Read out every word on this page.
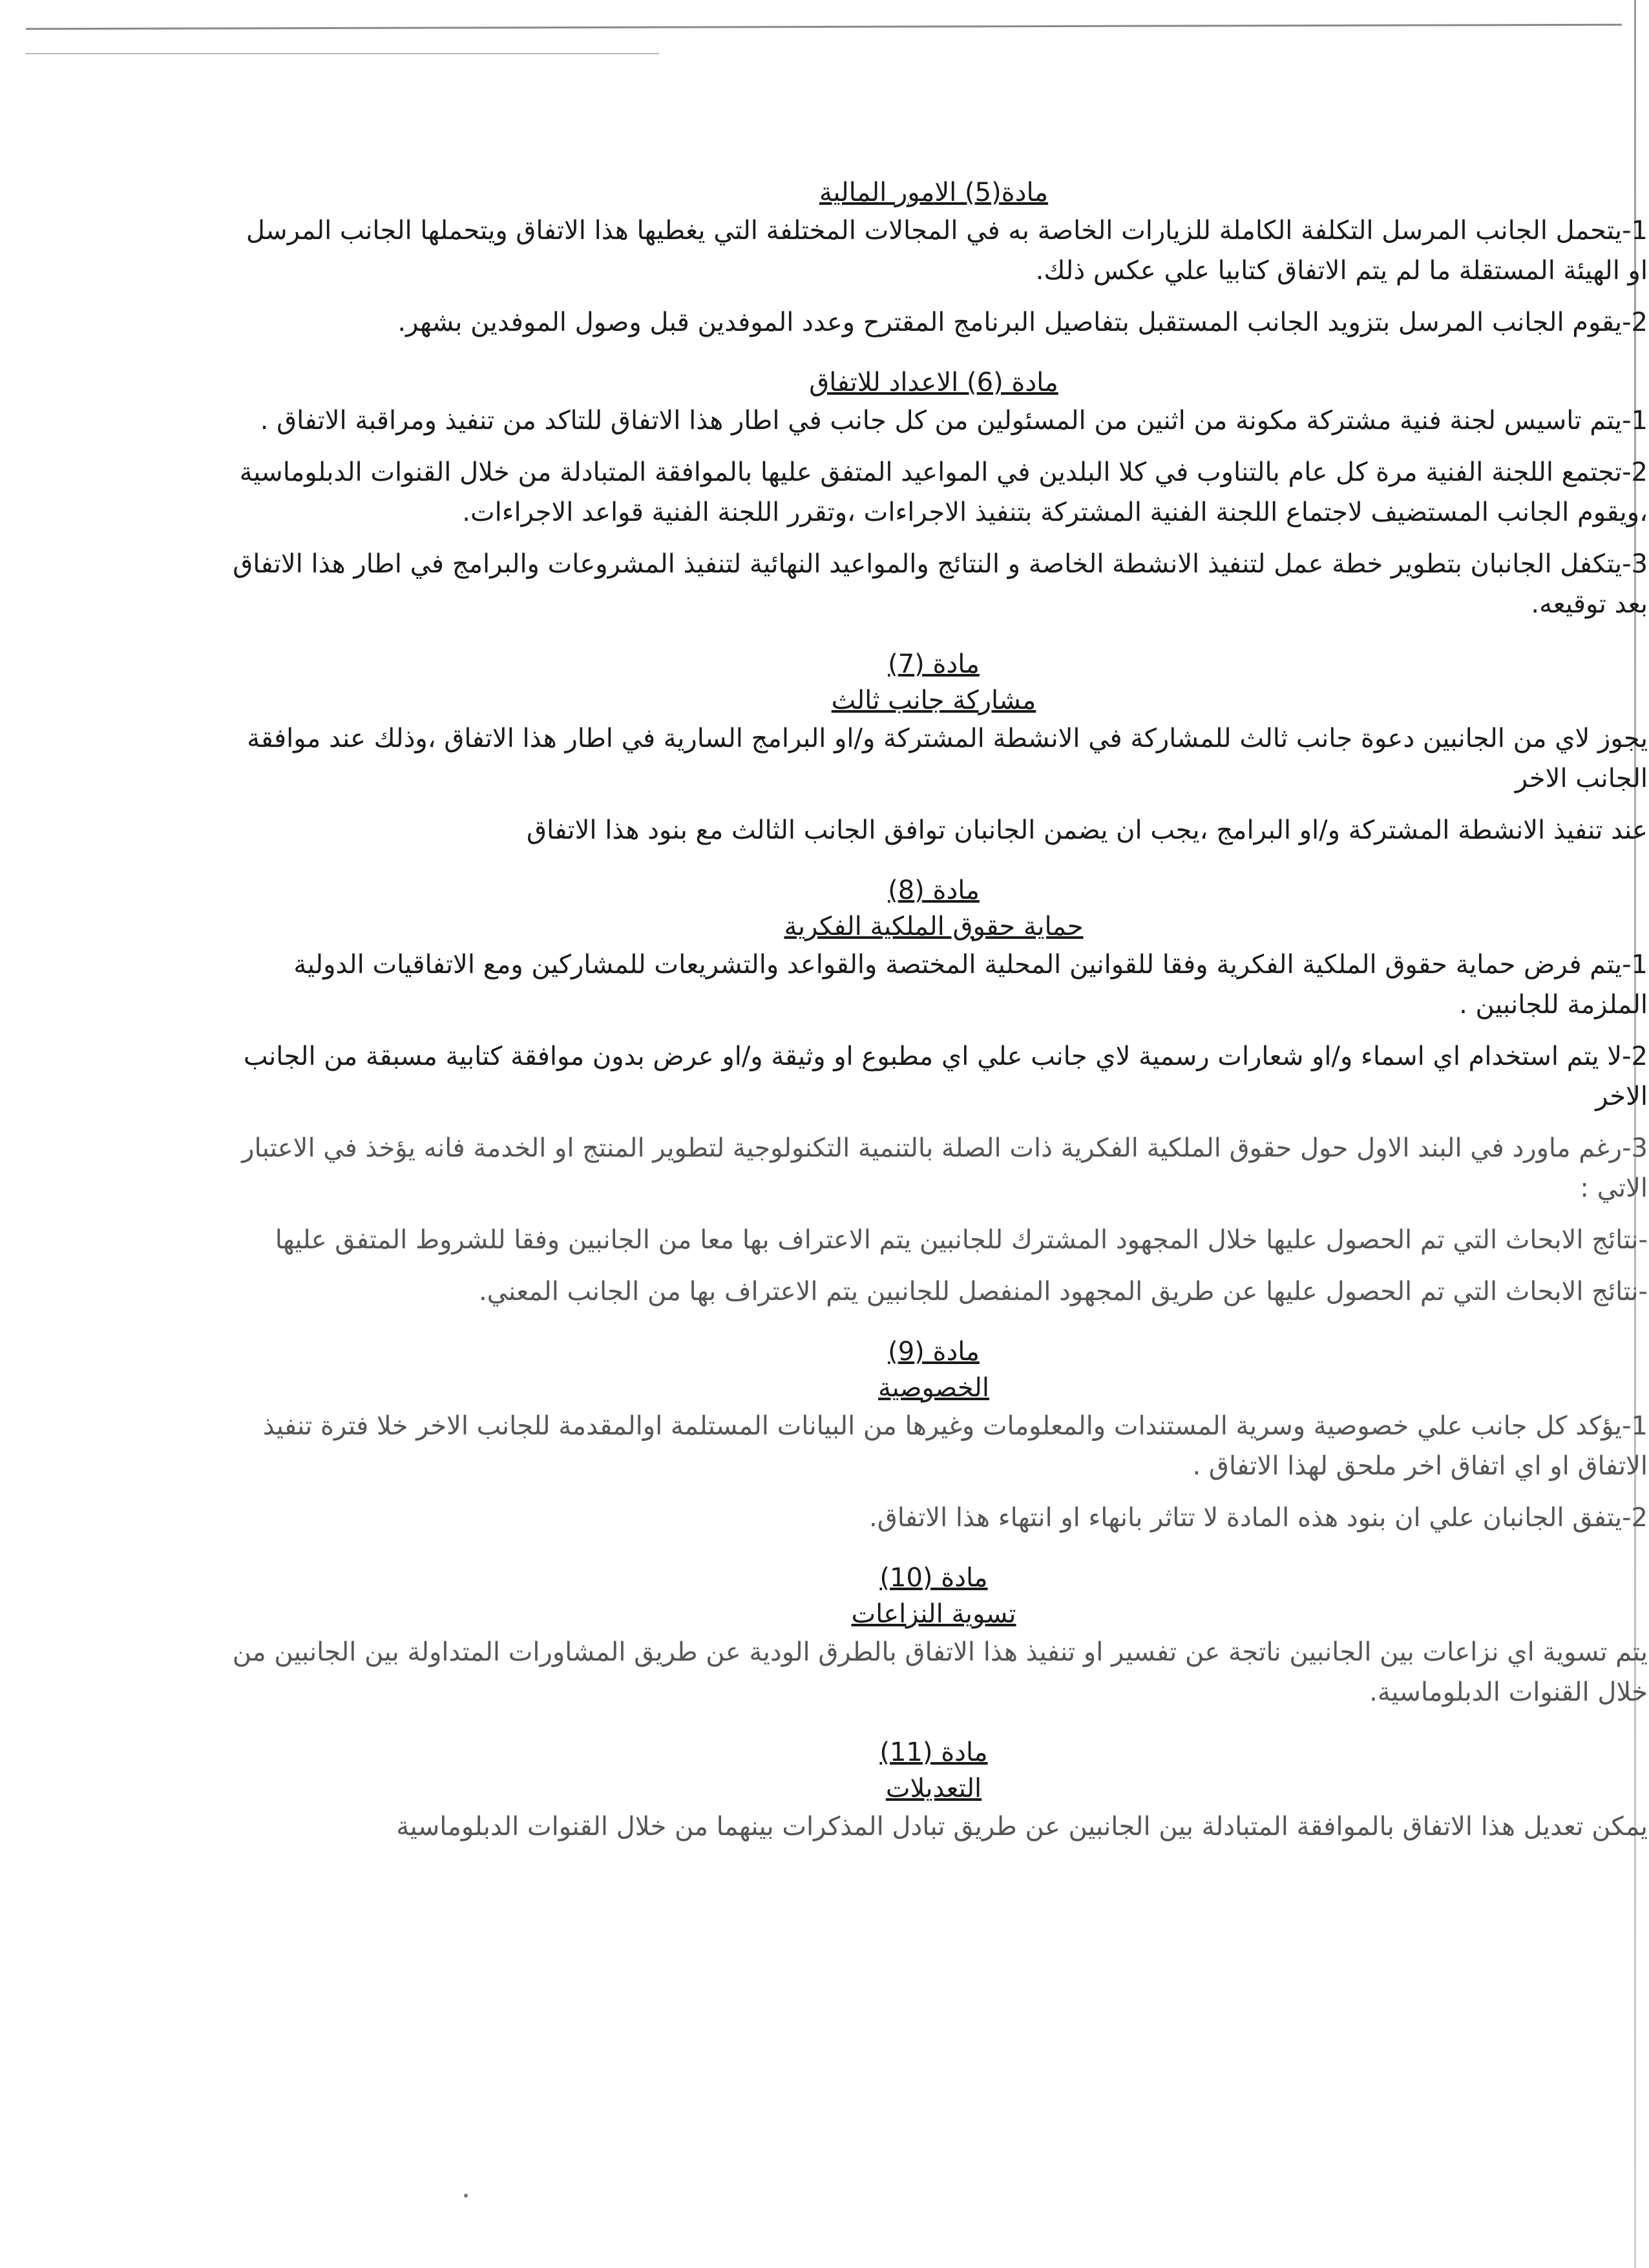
مادة(5) الامور المالية

1-يتحمل الجانب المرسل التكلفة الكاملة للزيارات الخاصة به في المجالات المختلفة التي يغطيها هذا الاتفاق ويتحملها الجانب المرسل او الهيئة المستقلة ما لم يتم الاتفاق كتابيا علي عكس ذلك.

2-يقوم الجانب المرسل بتزويد الجانب المستقبل بتفاصيل البرنامج المقترح وعدد الموفدين قبل وصول الموفدين بشهر.

مادة (6) الاعداد للاتفاق

1-يتم تاسيس لجنة فنية مشتركة مكونة من اثنين من المسئولين من كل جانب في اطار هذا الاتفاق للتاكد من تنفيذ ومراقبة الاتفاق .

2-تجتمع اللجنة الفنية مرة كل عام بالتناوب في كلا البلدين في المواعيد المتفق عليها بالموافقة المتبادلة من خلال القنوات الدبلوماسية ،ويقوم الجانب المستضيف لاجتماع اللجنة الفنية المشتركة بتنفيذ الاجراءات ،وتقرر اللجنة الفنية قواعد الاجراءات.

3-يتكفل الجانبان بتطوير خطة عمل لتنفيذ الانشطة الخاصة و النتائج والمواعيد النهائية لتنفيذ المشروعات والبرامج في اطار هذا الاتفاق بعد توقيعه.

مادة (7)
مشاركة جانب ثالث

يجوز لاي من الجانبين دعوة جانب ثالث للمشاركة في الانشطة المشتركة و/او البرامج السارية في اطار هذا الاتفاق ،وذلك عند موافقة الجانب الاخر

عند تنفيذ الانشطة المشتركة و/او البرامج ،يجب ان يضمن الجانبان توافق الجانب الثالث مع بنود هذا الاتفاق

مادة (8)
حماية حقوق الملكية الفكرية

1-يتم فرض حماية حقوق الملكية الفكرية وفقا للقوانين المحلية المختصة والقواعد والتشريعات للمشاركين ومع الاتفاقيات الدولية الملزمة للجانبين .

2-لا يتم استخدام اي اسماء و/او شعارات رسمية لاي جانب علي اي مطبوع او وثيقة و/او عرض بدون موافقة كتابية مسبقة من الجانب الاخر

3-رغم ماورد في البند الاول حول حقوق الملكية الفكرية ذات الصلة بالتنمية التكنولوجية لتطوير المنتج او الخدمة فانه يؤخذ في الاعتبار الاتي :

-نتائج الابحاث التي تم الحصول عليها خلال المجهود المشترك للجانبين يتم الاعتراف بها معا من الجانبين وفقا للشروط المتفق عليها

-نتائج الابحاث التي تم الحصول عليها عن طريق المجهود المنفصل للجانبين يتم الاعتراف بها من الجانب المعني.

مادة (9)
الخصوصية

1-يؤكد كل جانب علي خصوصية وسرية المستندات والمعلومات وغيرها من البيانات المستلمة اوالمقدمة للجانب الاخر خلا فترة تنفيذ الاتفاق او اي اتفاق اخر ملحق لهذا الاتفاق .

2-يتفق الجانبان علي ان بنود هذه المادة لا تتاثر بانهاء او انتهاء هذا الاتفاق.

مادة (10)
تسوية النزاعات

يتم تسوية اي نزاعات بين الجانبين ناتجة عن تفسير او تنفيذ هذا الاتفاق بالطرق الودية عن طريق المشاورات المتداولة بين الجانبين من خلال القنوات الدبلوماسية.

مادة (11)
التعديلات

يمكن تعديل هذا الاتفاق بالموافقة المتبادلة بين الجانبين عن طريق تبادل المذكرات بينهما من خلال القنوات الدبلوماسية
